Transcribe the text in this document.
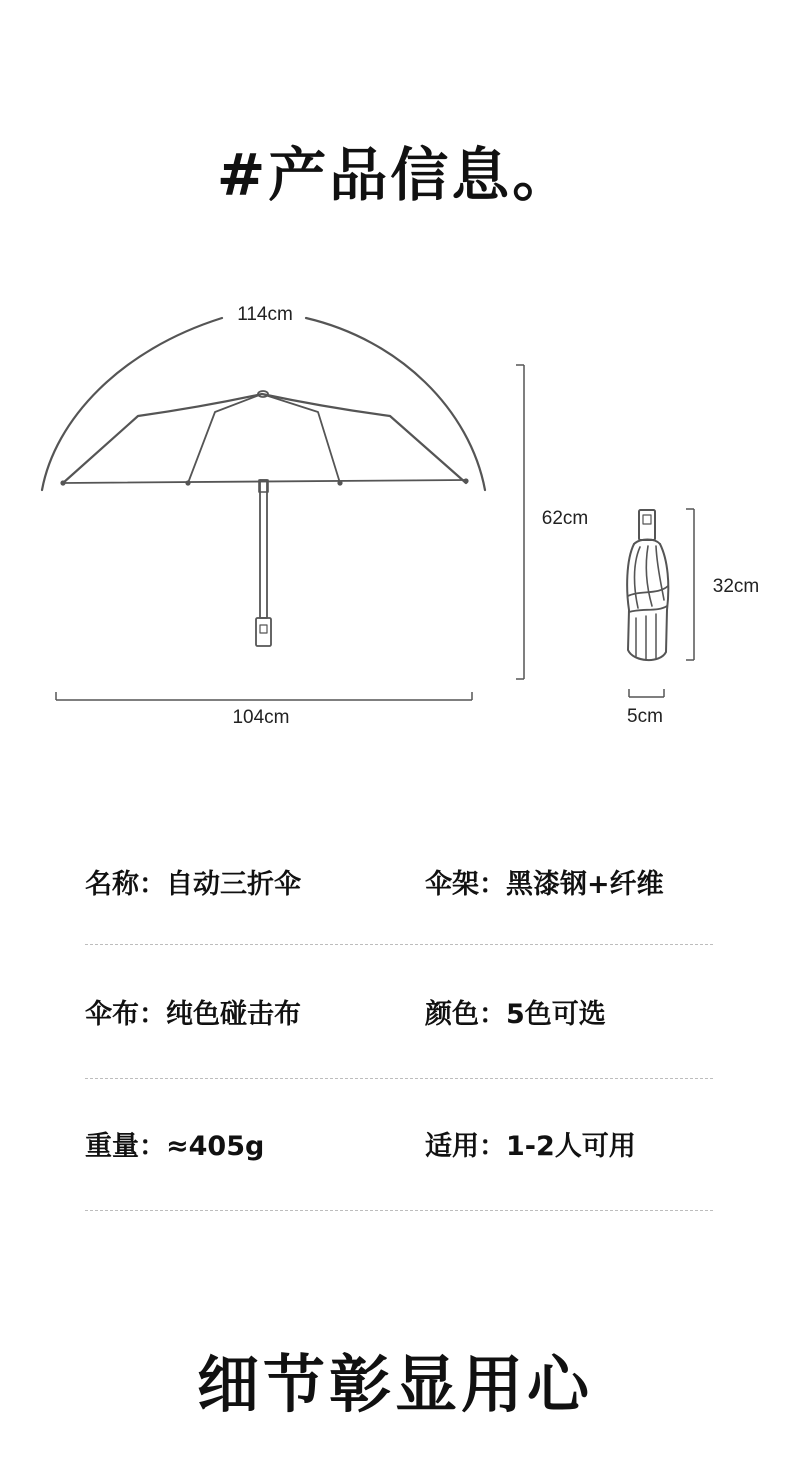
#产品信息。
114cm
104cm
62cm
32cm
5cm
名称：自动三折伞	伞架：黑漆钢+纤维
伞布：纯色碰击布	颜色：5色可选
重量：≈405g	适用：1-2人可用
细节彰显用心
